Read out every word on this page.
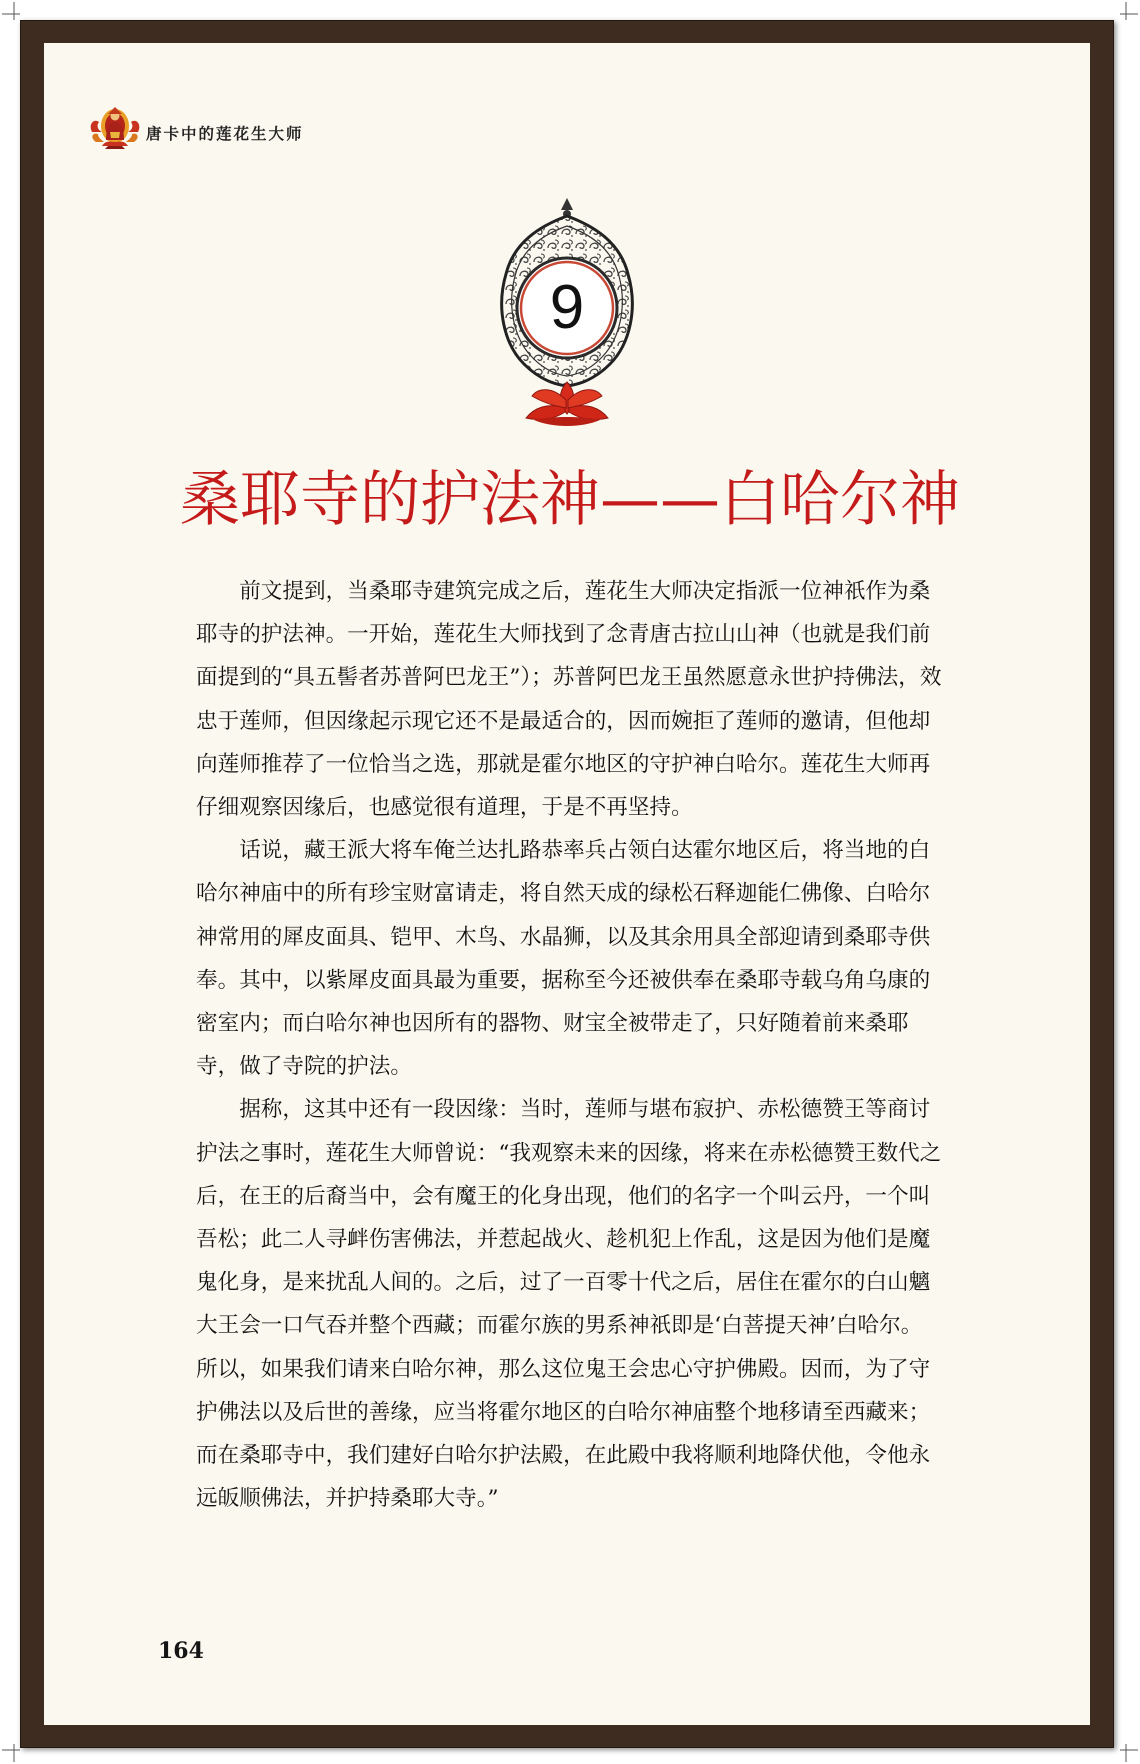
唐卡中的莲花生大师
9
桑耶寺的护法神——白哈尔神

前文提到，当桑耶寺建筑完成之后，莲花生大师决定指派一位神祇作为桑耶寺的护法神。一开始，莲花生大师找到了念青唐古拉山山神（也就是我们前面提到的“具五髻者苏普阿巴龙王”）；苏普阿巴龙王虽然愿意永世护持佛法，效忠于莲师，但因缘起示现它还不是最适合的，因而婉拒了莲师的邀请，但他却向莲师推荐了一位恰当之选，那就是霍尔地区的守护神白哈尔。莲花生大师再仔细观察因缘后，也感觉很有道理，于是不再坚持。

话说，藏王派大将车俺兰达扎路恭率兵占领白达霍尔地区后，将当地的白哈尔神庙中的所有珍宝财富请走，将自然天成的绿松石释迦能仁佛像、白哈尔神常用的犀皮面具、铠甲、木鸟、水晶狮，以及其余用具全部迎请到桑耶寺供奉。其中，以紫犀皮面具最为重要，据称至今还被供奉在桑耶寺载乌角乌康的密室内；而白哈尔神也因所有的器物、财宝全被带走了，只好随着前来桑耶寺，做了寺院的护法。

据称，这其中还有一段因缘：当时，莲师与堪布寂护、赤松德赞王等商讨护法之事时，莲花生大师曾说：“我观察未来的因缘，将来在赤松德赞王数代之后，在王的后裔当中，会有魔王的化身出现，他们的名字一个叫云丹，一个叫吾松；此二人寻衅伤害佛法，并惹起战火、趁机犯上作乱，这是因为他们是魔鬼化身，是来扰乱人间的。之后，过了一百零十代之后，居住在霍尔的白山魑大王会一口气吞并整个西藏；而霍尔族的男系神祇即是‘白菩提天神’白哈尔。所以，如果我们请来白哈尔神，那么这位鬼王会忠心守护佛殿。因而，为了守护佛法以及后世的善缘，应当将霍尔地区的白哈尔神庙整个地移请至西藏来；而在桑耶寺中，我们建好白哈尔护法殿，在此殿中我将顺利地降伏他，令他永远皈顺佛法，并护持桑耶大寺。”

164
